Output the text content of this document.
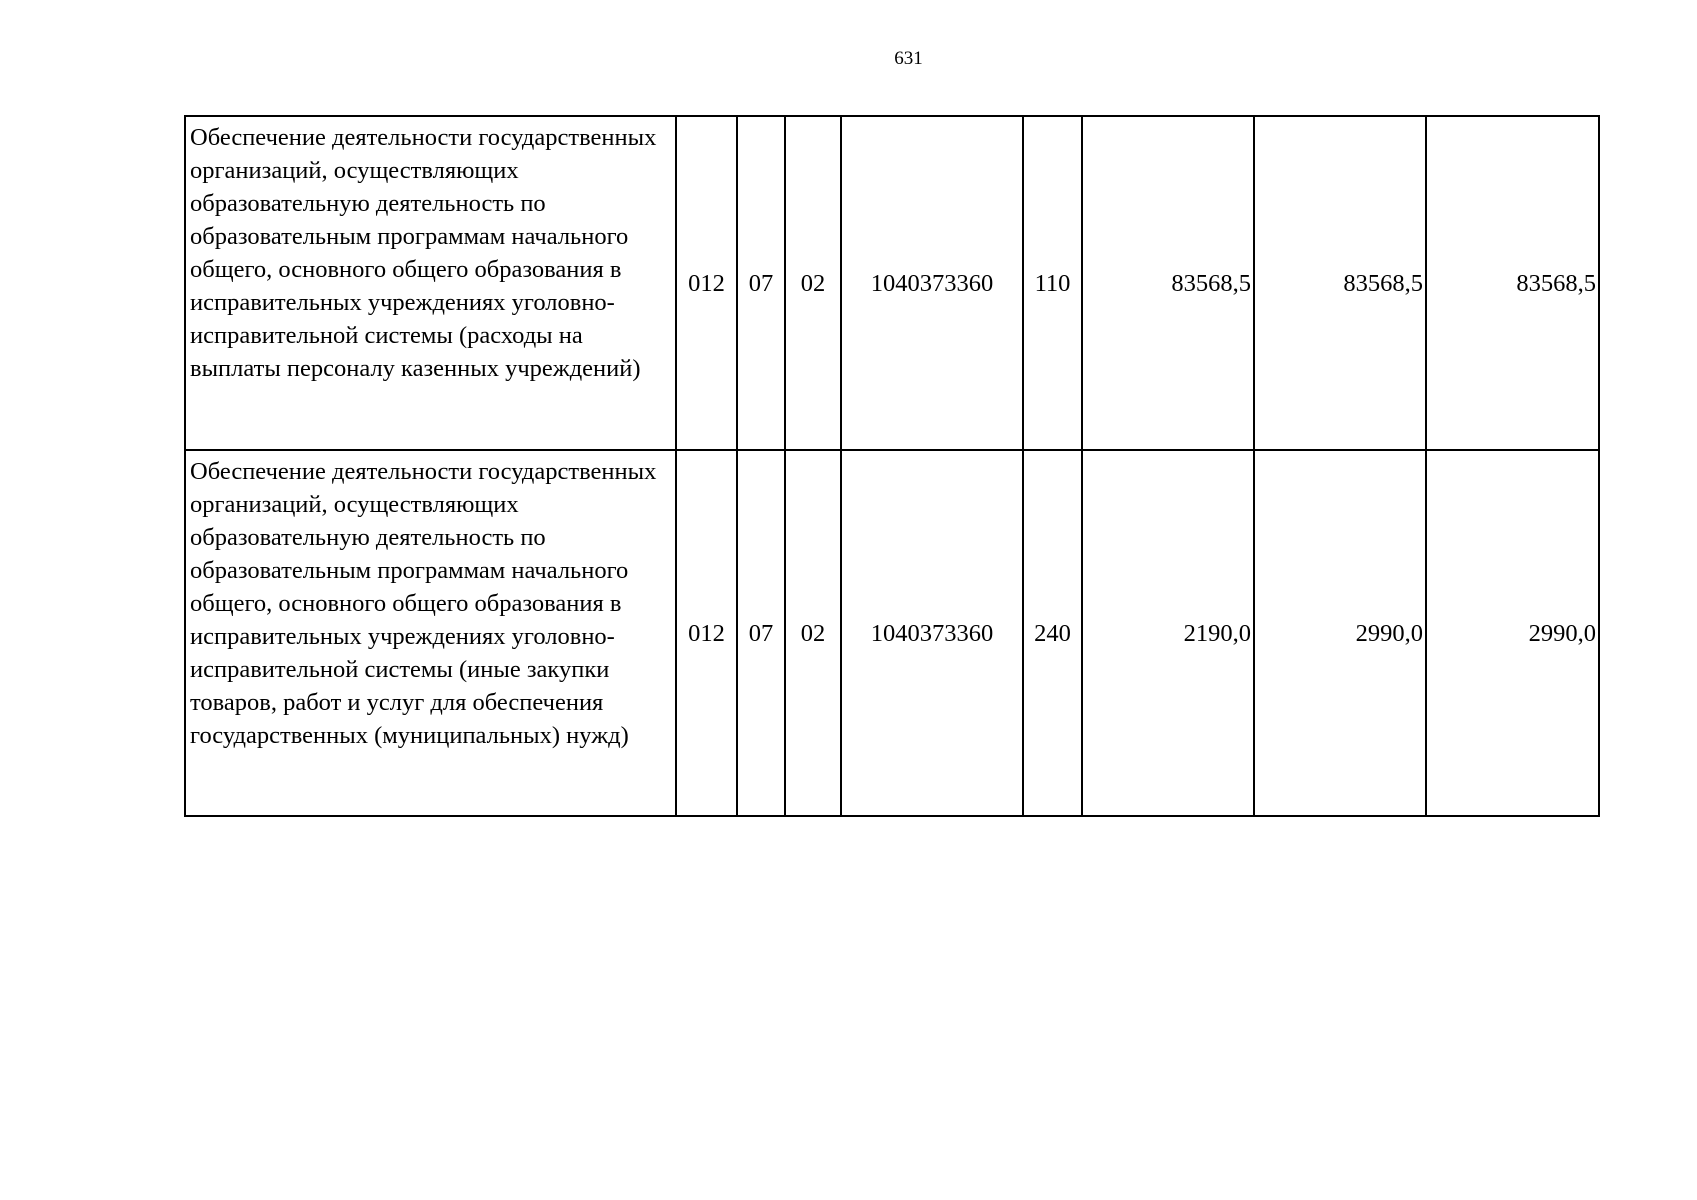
631
Обеспечение деятельности государственных организаций, осуществляющих образовательную деятельность по образовательным программам начального общего, основного общего образования в исправительных учреждениях уголовно-исправительной системы (расходы на выплаты персоналу казенных учреждений)	012	07	02	1040373360	110	83568,5	83568,5	83568,5
Обеспечение деятельности государственных организаций, осуществляющих образовательную деятельность по образовательным программам начального общего, основного общего образования в исправительных учреждениях уголовно-исправительной системы (иные закупки товаров, работ и услуг для обеспечения государственных (муниципальных) нужд)	012	07	02	1040373360	240	2190,0	2990,0	2990,0
